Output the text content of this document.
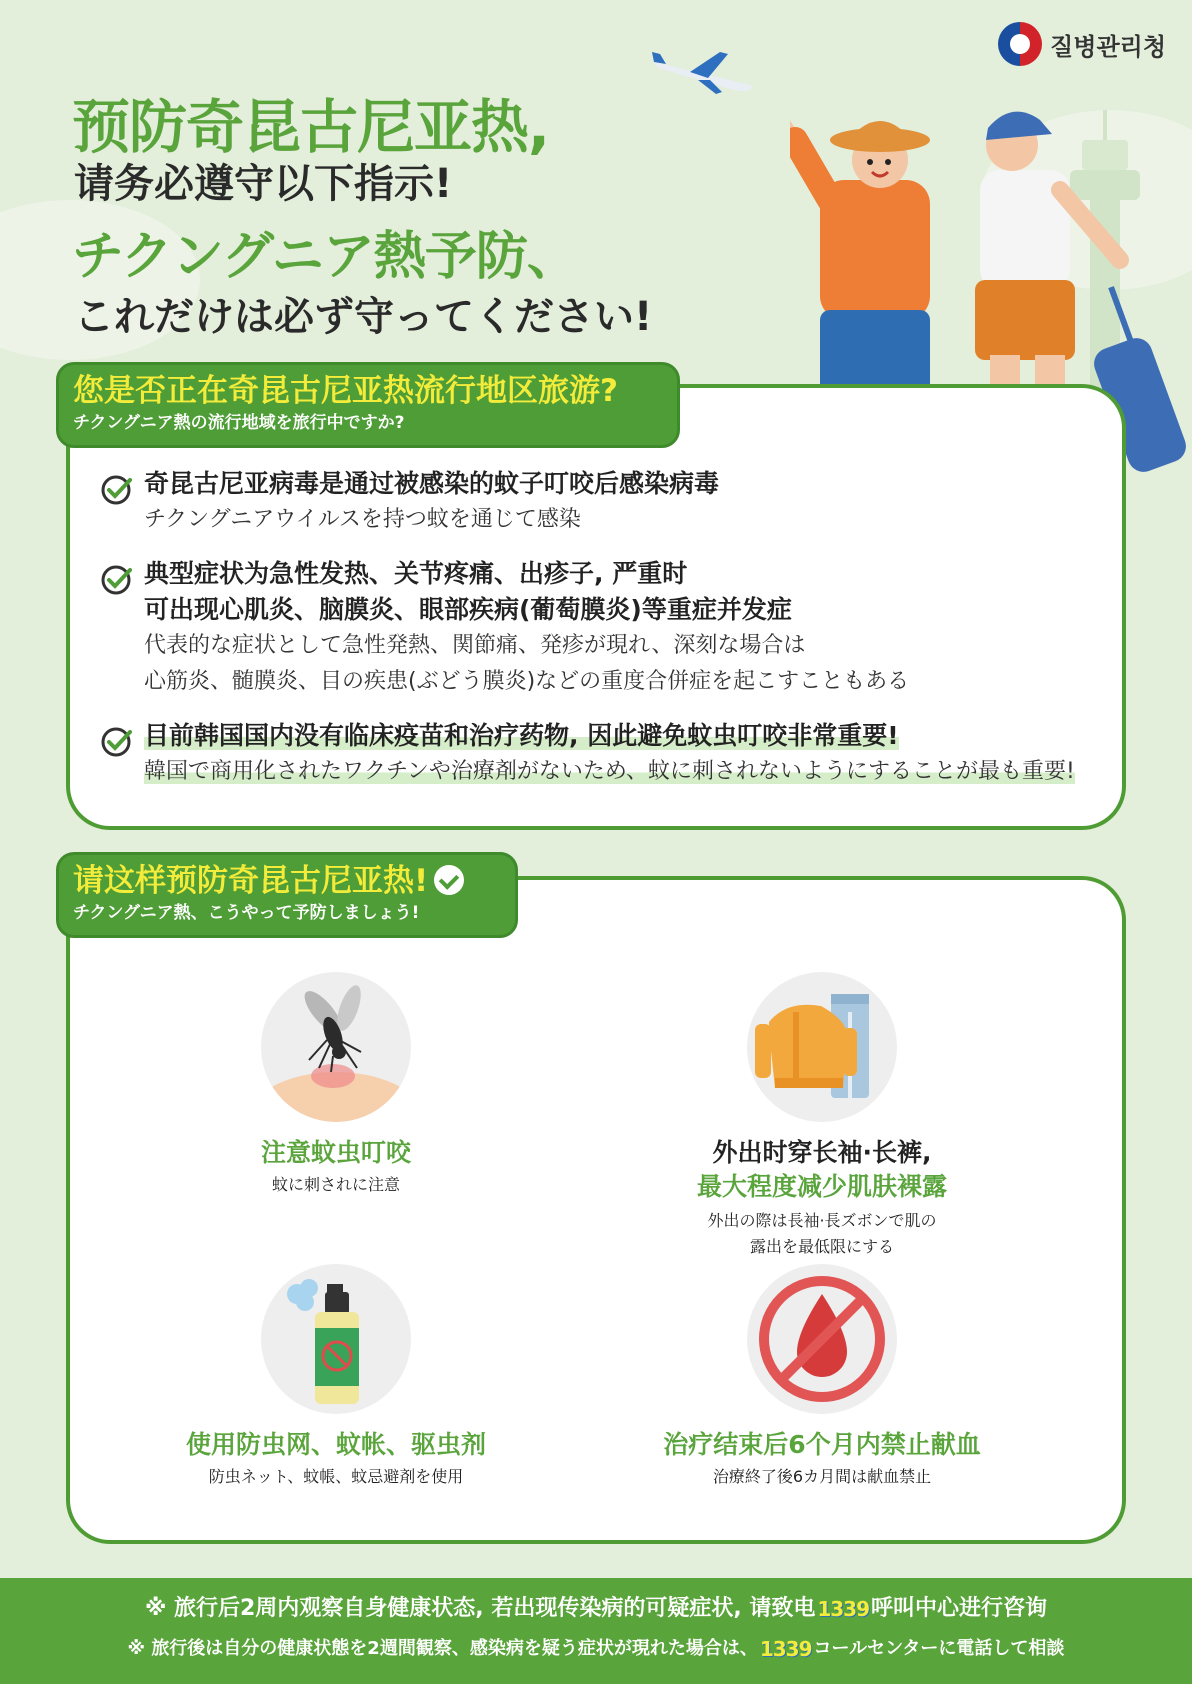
질병관리청
预防奇昆古尼亚热,
请务必遵守以下指示!
チクングニア熱予防、
これだけは必ず守ってください!
您是否正在奇昆古尼亚热流行地区旅游?
チクングニア熱の流行地域を旅行中ですか?
奇昆古尼亚病毒是通过被感染的蚊子叮咬后感染病毒
チクングニアウイルスを持つ蚊を通じて感染
典型症状为急性发热、关节疼痛、出疹子, 严重时
可出现心肌炎、脑膜炎、眼部疾病(葡萄膜炎)等重症并发症
代表的な症状として急性発熱、関節痛、発疹が現れ、深刻な場合は
心筋炎、髄膜炎、目の疾患(ぶどう膜炎)などの重度合併症を起こすこともある
目前韩国国内没有临床疫苗和治疗药物, 因此避免蚊虫叮咬非常重要!
韓国で商用化されたワクチンや治療剤がないため、蚊に刺されないようにすることが最も重要!
请这样预防奇昆古尼亚热!
チクングニア熱、こうやって予防しましょう!
注意蚊虫叮咬
蚊に刺されに注意
外出时穿长袖·长裤,
最大程度减少肌肤裸露
外出の際は長袖·長ズボンで肌の
露出を最低限にする
使用防虫网、蚊帐、驱虫剂
防虫ネット、蚊帳、蚊忌避剤を使用
治疗结束后6个月内禁止献血
治療終了後6カ月間は献血禁止
※ 旅行后2周内观察自身健康状态, 若出现传染病的可疑症状, 请致电 1339呼叫中心进行咨询
※ 旅行後は自分の健康状態を2週間観察、感染病を疑う症状が現れた場合は、 1339 コールセンターに電話して相談
